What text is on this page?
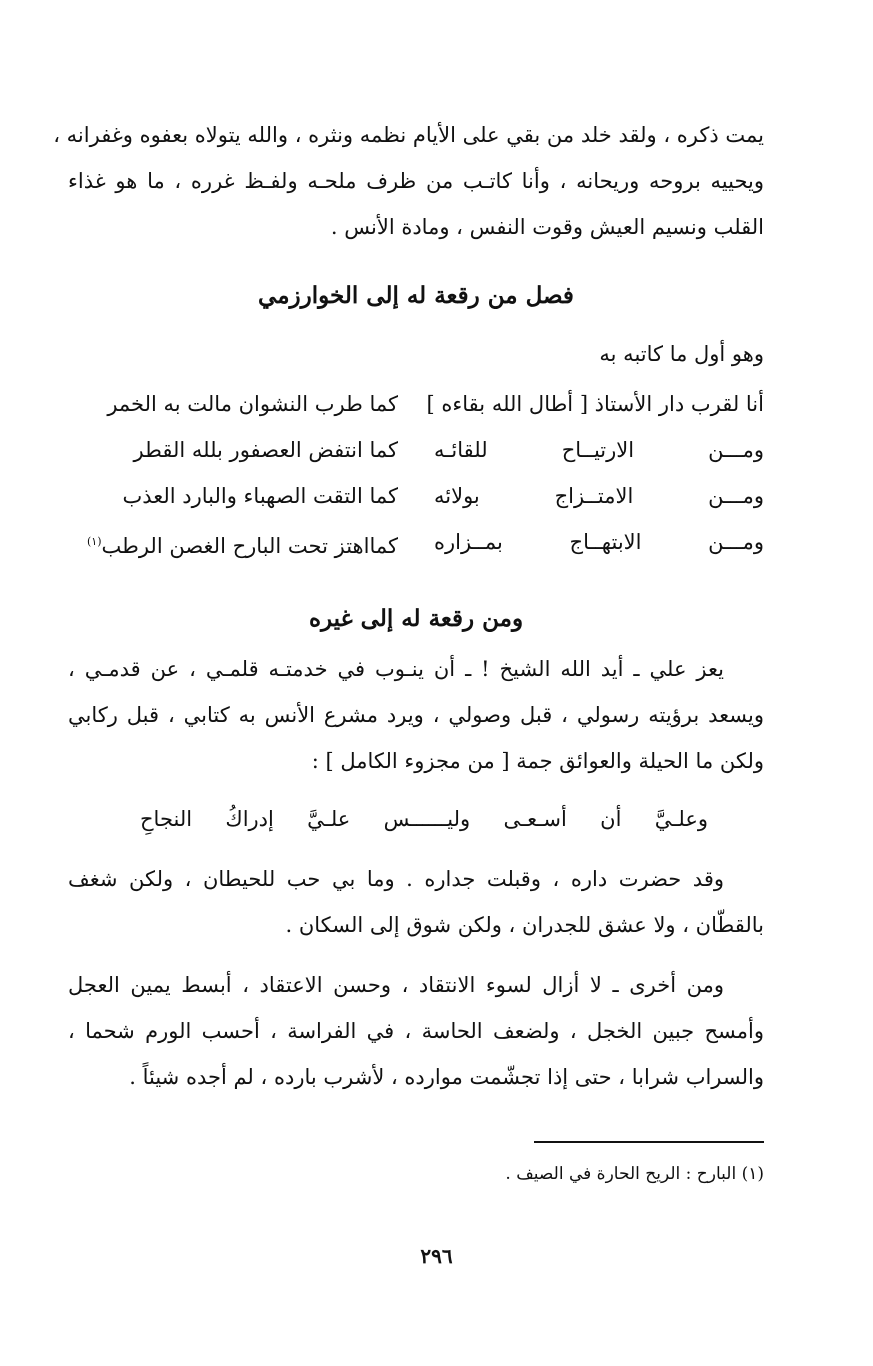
يمت ذكره ، ولقد خلد من بقي على الأيام نظمه ونثره ، والله يتولاه بعفوه وغفرانه ،
ويحييه بروحه وريحانه ، وأنا كاتـب من ظرف ملحـه ولفـظ غرره ، ما هو غذاء
القلب ونسيم العيش وقوت النفس ، ومادة الأنس .
فصل من رقعة له إلى الخوارزمي
وهو أول ما كاتبه به
أنا لقرب دار الأستاذ [ أطال الله بقاءه ]
كما طرب النشوان مالت به الخمر
ومـــن
الارتيــاح
للقائـه
كما انتفض العصفور بلله القطر
ومـــن
الامتــزاج
بولائه
كما التقت الصهباء والبارد العذب
ومـــن
الابتهــاج
بمــزاره
كمااهتز تحت البارح الغصن الرطب$^{(١)}$
ومن رقعة له إلى غيره
يعز علي ـ أيد الله الشيخ ! ـ أن ينـوب في خدمتـه قلمـي ، عن قدمـي ،
ويسعد برؤيته رسولي ، قبل وصولي ، ويرد مشرع الأنس به كتابي ، قبل ركابي
ولكن ما الحيلة والعوائق جمة [ من مجزوء الكامل ] :
وعلـيَّ
أن
أسـعـى
وليــــــس
علـيَّ
إدراكُ
النجاحِ
وقد حضرت داره ، وقبلت جداره . وما بي حب للحيطان ، ولكن شغف
بالقطّان ، ولا عشق للجدران ، ولكن شوق إلى السكان .
ومن أخرى ـ لا أزال لسوء الانتقاد ، وحسن الاعتقاد ، أبسط يمين العجل
وأمسح جبين الخجل ، ولضعف الحاسة ، في الفراسة ، أحسب الورم شحما ،
والسراب شرابا ، حتى إذا تجشّمت موارده ، لأشرب بارده ، لم أجده شيئاً .
(١) البارح : الريح الحارة في الصيف .
٢٩٦
